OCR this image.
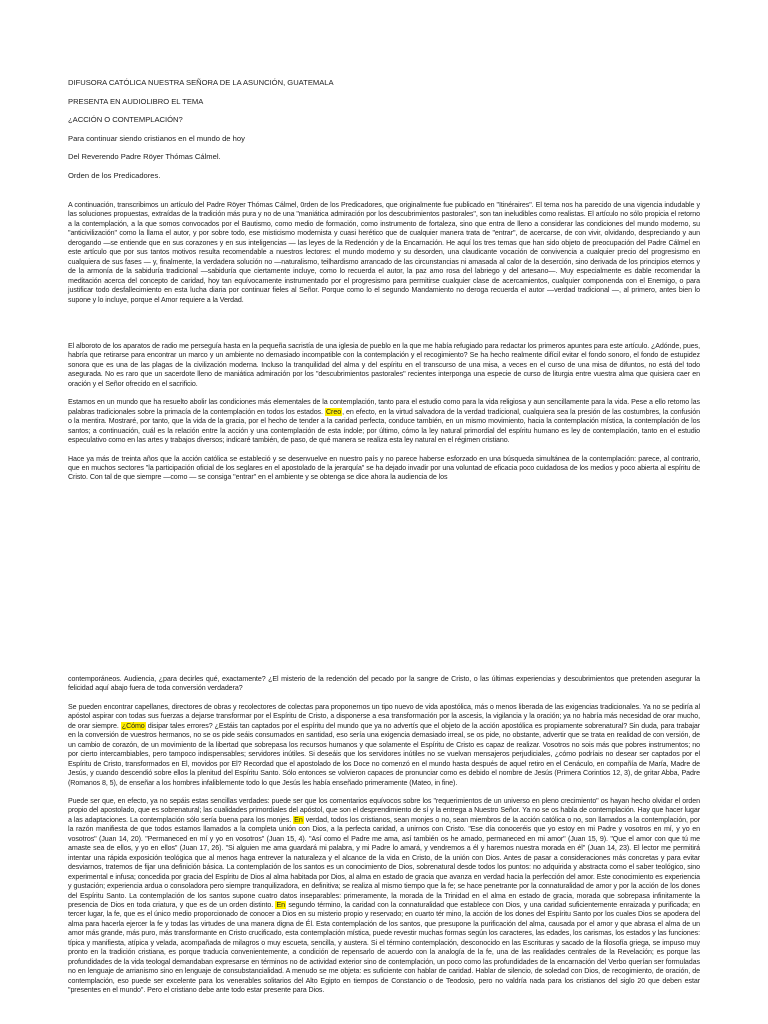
DIFUSORA CATÓLICA NUESTRA SEÑORA DE LA ASUNCIÓN, GUATEMALA

PRESENTA EN AUDIOLIBRO EL TEMA

¿ACCIÓN O CONTEMPLACIÓN?

Para continuar siendo cristianos en el mundo de hoy

Del Reverendo Padre Röyer Thómas Cálmel.

Orden de los Predicadores.

A continuación, transcribimos un artículo del Padre Röyer Thómas Cálmel, 0rden de los Predicadores, que originalmente fue publicado en "Itinéraires". El tema nos ha parecido de una vigencia indudable y las soluciones propuestas, extraídas de la tradición más pura y no de una "maniática admiración por los descubrimientos pastorales", son tan ineludibles como realistas. El artículo no sólo propicia el retorno a la contemplación, a la que somos convocados por el Bautismo, como medio de formación, como instrumento de fortaleza, sino que entra de lleno a considerar las condiciones del mundo moderno, su "anticivilización" como la llama el autor, y por sobre todo, ese misticismo modernista y cuasi herético que de cualquier manera trata de "entrar", de acercarse, de con vivir, olvidando, despreciando y aun derogando —se entiende que en sus corazones y en sus inteligencias — las leyes de la Redención y de la Encarnación. He aquí los tres temas que han sido objeto de preocupación del Padre Cálmel en este artículo que por sus tantos motivos resulta recomendable a nuestros lectores: el mundo moderno y su desorden, una claudicante vocación de convivencia a cualquier precio del progresismo en cualquiera de sus fases — y, finalmente, la verdadera solución no —naturalismo, teilhardismo arrancado de las circunstancias ni amasada al calor de la deserción, sino derivada de los principios eternos y de la armonía de la sabiduría tradicional —sabiduría que ciertamente incluye, como lo recuerda el autor, la paz amo rosa del labriego y del artesano—. Muy especialmente es dable recomendar la meditación acerca del concepto de caridad, hoy tan equívocamente instrumentado por el progresismo para permitirse cualquier clase de acercamientos, cualquier componenda con el Enemigo, o para justificar todo desfallecimiento en esta lucha diaria por continuar fieles al Señor. Porque como lo el segundo Mandamiento no deroga recuerda el autor —verdad tradicional —, al primero, antes bien lo supone y lo incluye, porque el Amor requiere a la Verdad.

El alboroto de los aparatos de radio me perseguía hasta en la pequeña sacristía de una iglesia de pueblo en la que me había refugiado para redactar los primeros apuntes para este artículo. ¿Adónde, pues, habría que retirarse para encontrar un marco y un ambiente no demasiado incompatible con la contemplación y el recogimiento? Se ha hecho realmente difícil evitar el fondo sonoro, el fondo de estupidez sonora que es una de las plagas de la civilización moderna. Incluso la tranquilidad del alma y del espíritu en el transcurso de una misa, a veces en el curso de una misa de difuntos, no está del todo asegurada. No es raro que un sacerdote lleno de maniática admiración por los "descubrimientos pastorales" recientes interponga una especie de curso de liturgia entre vuestra alma que quisiera caer en oración y el Señor ofrecido en el sacrificio.

Estamos en un mundo que ha resuelto abolir las condiciones más elementales de la contemplación, tanto para el estudio como para la vida religiosa y aun sencillamente para la vida. Pese a ello retomo las palabras tradicionales sobre la primacía de la contemplación en todos los estados. Creo, en efecto, en la virtud salvadora de la verdad tradicional, cualquiera sea la presión de las costumbres, la confusión o la mentira. Mostraré, por tanto, que la vida de la gracia, por el hecho de tender a la caridad perfecta, conduce también, en un mismo movimiento, hacia la contemplación mística, la contemplación de los santos; a continuación, cuál es la relación entre la acción y una contemplación de esta índole; por último, cómo la ley natural primordial del espíritu humano es ley de contemplación, tanto en el estudio especulativo como en las artes y trabajos diversos; indicaré también, de paso, de qué manera se realiza esta ley natural en el régimen cristiano.

Hace ya más de treinta años que la acción católica se estableció y se desenvuelve en nuestro país y no parece haberse esforzado en una búsqueda simultánea de la contemplación: parece, al contrario, que en muchos sectores "la participación oficial de los seglares en el apostolado de la jerarquía" se ha dejado invadir por una voluntad de eficacia poco cuidadosa de los medios y poco abierta al espíritu de Cristo. Con tal de que siempre —como — se consiga "entrar" en el ambiente y se obtenga se dice ahora la audiencia de los

contemporáneos. Audiencia, ¿para decirles qué, exactamente? ¿El misterio de la redención del pecado por la sangre de Cristo, o las últimas experiencias y descubrimientos que pretenden asegurar la felicidad aquí abajo fuera de toda conversión verdadera?

Se pueden encontrar capellanes, directores de obras y recolectores de colectas para proponernos un tipo nuevo de vida apostólica, más o menos liberada de las exigencias tradicionales. Ya no se pediría al apóstol aspirar con todas sus fuerzas a dejarse transformar por el Espíritu de Cristo, a disponerse a esa transformación por la ascesis, la vigilancia y la oración; ya no habría más necesidad de orar mucho, de orar siempre. ¿Cómo disipar tales errores? ¿Estáis tan captados por el espíritu del mundo que ya no advertís que el objeto de la acción apostólica es propiamente sobrenatural? Sin duda, para trabajar en la conversión de vuestros hermanos, no se os pide seáis consumados en santidad, eso sería una exigencia demasiado irreal, se os pide, no obstante, advertir que se trata en realidad de con versión, de un cambio de corazón, de un movimiento de la libertad que sobrepasa los recursos humanos y que solamente el Espíritu de Cristo es capaz de realizar. Vosotros no sois más que pobres instrumentos; no por cierto intercambiables, pero tampoco indispensables; servidores inútiles. Si deseáis que los servidores inútiles no se vuelvan mensajeros perjudiciales, ¿cómo podríais no desear ser captados por el Espíritu de Cristo, transformados en El, movidos por El? Recordad que el apostolado de los Doce no comenzó en el mundo hasta después de aquel retiro en el Cenáculo, en compañía de María, Madre de Jesús, y cuando descendió sobre ellos la plenitud del Espíritu Santo. Sólo entonces se volvieron capaces de pronunciar como es debido el nombre de Jesús (Primera Corintios 12, 3), de gritar Abba, Padre (Romanos 8, 5), de enseñar a los hombres infaliblemente todo lo que Jesús les había enseñado primeramente (Mateo, in fine).

Puede ser que, en efecto, ya no sepáis estas sencillas verdades: puede ser que los comentarios equívocos sobre los "requerimientos de un universo en pleno crecimiento" os hayan hecho olvidar el orden propio del apostolado, que es sobrenatural; las cualidades primordiales del apóstol, que son el desprendimiento de sí y la entrega a Nuestro Señor. Ya no se os habla de contemplación. Hay que hacer lugar a las adaptaciones. La contemplación sólo sería buena para los monjes. En verdad, todos los cristianos, sean monjes o no, sean miembros de la acción católica o no, son llamados a la contemplación, por la razón manifiesta de que todos estamos llamados a la completa unión con Dios, a la perfecta caridad, a unirnos con Cristo. "Ese día conoceréis que yo estoy en mi Padre y vosotros en mí, y yo en vosotros" (Juan 14, 20). "Permaneced en mí y yo en vosotros" (Juan 15, 4). "Así como el Padre me ama, así también os he amado, permaneced en mi amor" (Juan 15, 9). "Que el amor con que tú me amaste sea de ellos, y yo en ellos" (Juan 17, 26). "Si alguien me ama guardará mi palabra, y mi Padre lo amará, y vendremos a él y haremos nuestra morada en él" (Juan 14, 23). El lector me permitirá intentar una rápida exposición teológica que al menos haga entrever la naturaleza y el alcance de la vida en Cristo, de la unión con Dios. Antes de pasar a consideraciones más concretas y para evitar desviarnos, tratemos de fijar una definición básica. La contemplación de los santos es un conocimiento de Dios, sobrenatural desde todos los puntos: no adquirida y abstracta como el saber teológico, sino experimental e infusa; concedida por gracia del Espíritu de Dios al alma habitada por Dios, al alma en estado de gracia que avanza en verdad hacia la perfección del amor. Este conocimiento es experiencia y gustación; experiencia ardua o consoladora pero siempre tranquilizadora, en definitiva; se realiza al mismo tiempo que la fe; se hace penetrante por la connaturalidad de amor y por la acción de los dones del Espíritu Santo. La contemplación de los santos supone cuatro datos inseparables: primeramente, la morada de la Trinidad en el alma en estado de gracia, morada que sobrepasa infinitamente la presencia de Dios en toda criatura, y que es de un orden distinto. En segundo término, la caridad con la connaturalidad que establece con Dios, y una caridad suficientemente enraizada y purificada; en tercer lugar, la fe, que es el único medio proporcionado de conocer a Dios en su misterio propio y reservado; en cuarto tér mino, la acción de los dones del Espíritu Santo por los cuales Dios se apodera del alma para hacerla ejercer la fe y todas las virtudes de una manera digna de Él. Esta contemplación de los santos, que presupone la purificación del alma, causada por el amor y que abrasa el alma de un amor más grande, más puro, más transformante en Cristo crucificado, esta contemplación mística, puede revestir muchas formas según los caracteres, las edades, los carismas, los estados y las funciones: típica y manifiesta, atípica y velada, acompañada de milagros o muy escueta, sencilla, y austera. Si el término contemplación, desconocido en las Escrituras y sacado de la filosofía griega, se impuso muy pronto en la tradición cristiana, es porque traducía convenientemente, a condición de repensarlo de acuerdo con la analogía de la fe, una de las realidades centrales de la Revelación; es porque las profundidades de la vida teologal demandaban expresarse en términos no de actividad exterior sino de contemplación, un poco como las profundidades de la encarnación del Verbo querían ser formuladas no en lenguaje de arrianismo sino en lenguaje de consubstancialidad. A menudo se me objeta: es suficiente con hablar de caridad. Hablar de silencio, de soledad con Dios, de recogimiento, de oración, de contemplación, eso puede ser excelente para los venerables solitarios del Alto Egipto en tiempos de Constancio o de Teodosio, pero no valdría nada para los cristianos del siglo 20 que deben estar "presentes en el mundo". Pero el cristiano debe ante todo estar presente para Dios.
